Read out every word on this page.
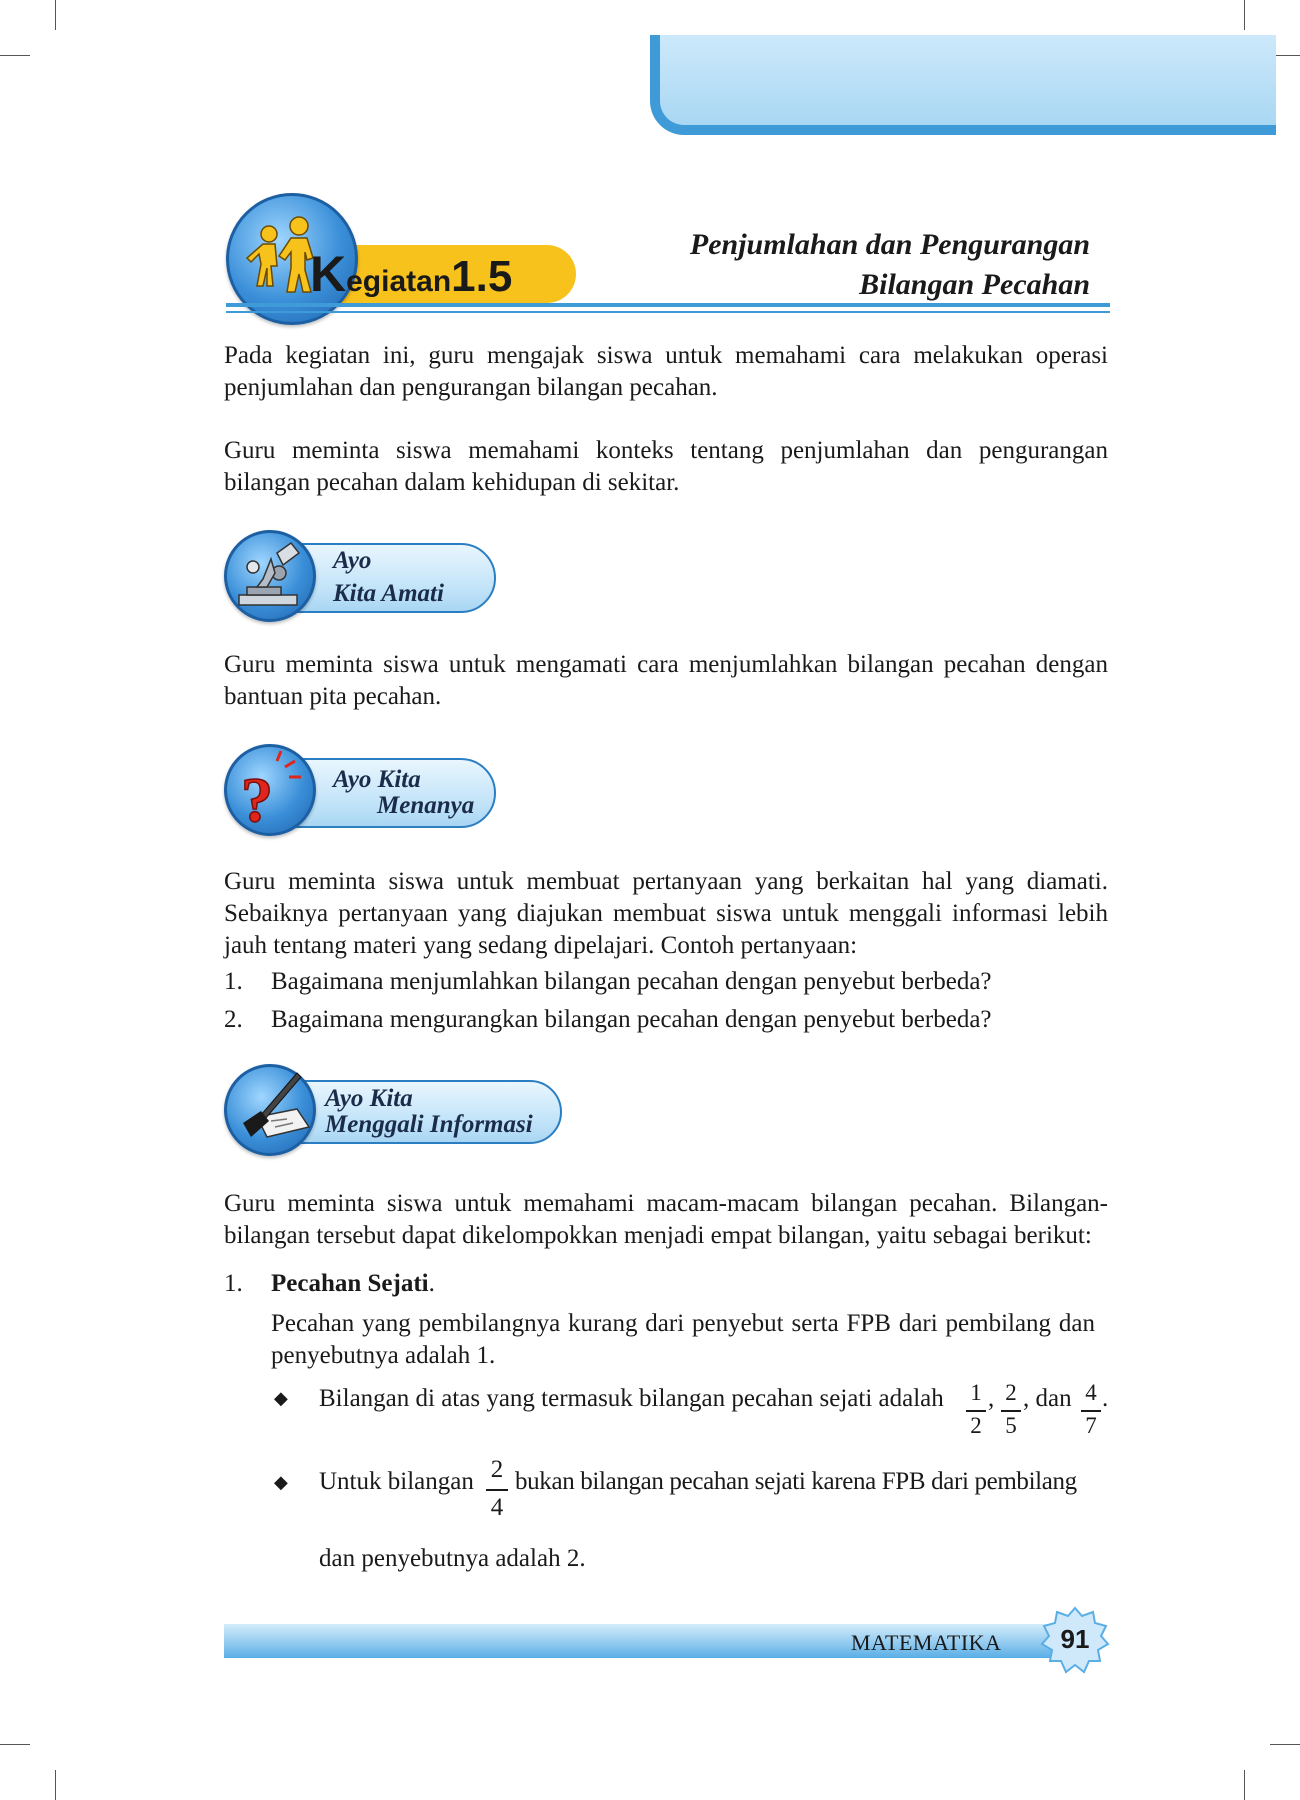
Kegiatan1.5
Penjumlahan dan Pengurangan
Bilangan Pecahan
Pada kegiatan ini, guru mengajak siswa untuk memahami cara melakukan operasi penjumlahan dan pengurangan bilangan pecahan.
Guru meminta siswa memahami konteks tentang penjumlahan dan pengurangan bilangan pecahan dalam kehidupan di sekitar.
Ayo
Kita Amati
Guru meminta siswa untuk mengamati cara menjumlahkan bilangan pecahan dengan bantuan pita pecahan.
? Ayo Kita
Menanya
Guru meminta siswa untuk membuat pertanyaan yang berkaitan hal yang diamati. Sebaiknya pertanyaan yang diajukan membuat siswa untuk menggali informasi lebih jauh tentang materi yang sedang dipelajari. Contoh pertanyaan:
1. Bagaimana menjumlahkan bilangan pecahan dengan penyebut berbeda?
2. Bagaimana mengurangkan bilangan pecahan dengan penyebut berbeda?
Ayo Kita
Menggali Informasi
Guru meminta siswa untuk memahami macam-macam bilangan pecahan. Bilangan-bilangan tersebut dapat dikelompokkan menjadi empat bilangan, yaitu sebagai berikut:
1. Pecahan Sejati.
Pecahan yang pembilangnya kurang dari penyebut serta FPB dari pembilang dan penyebutnya adalah 1.
◆ Bilangan di atas yang termasuk bilangan pecahan sejati adalah 1
2
, 2
5
, dan 4
7
.
◆ Untuk bilangan 2
4
bukan bilangan pecahan sejati karena FPB dari pembilang
dan penyebutnya adalah 2.
MATEMATIKA	91
